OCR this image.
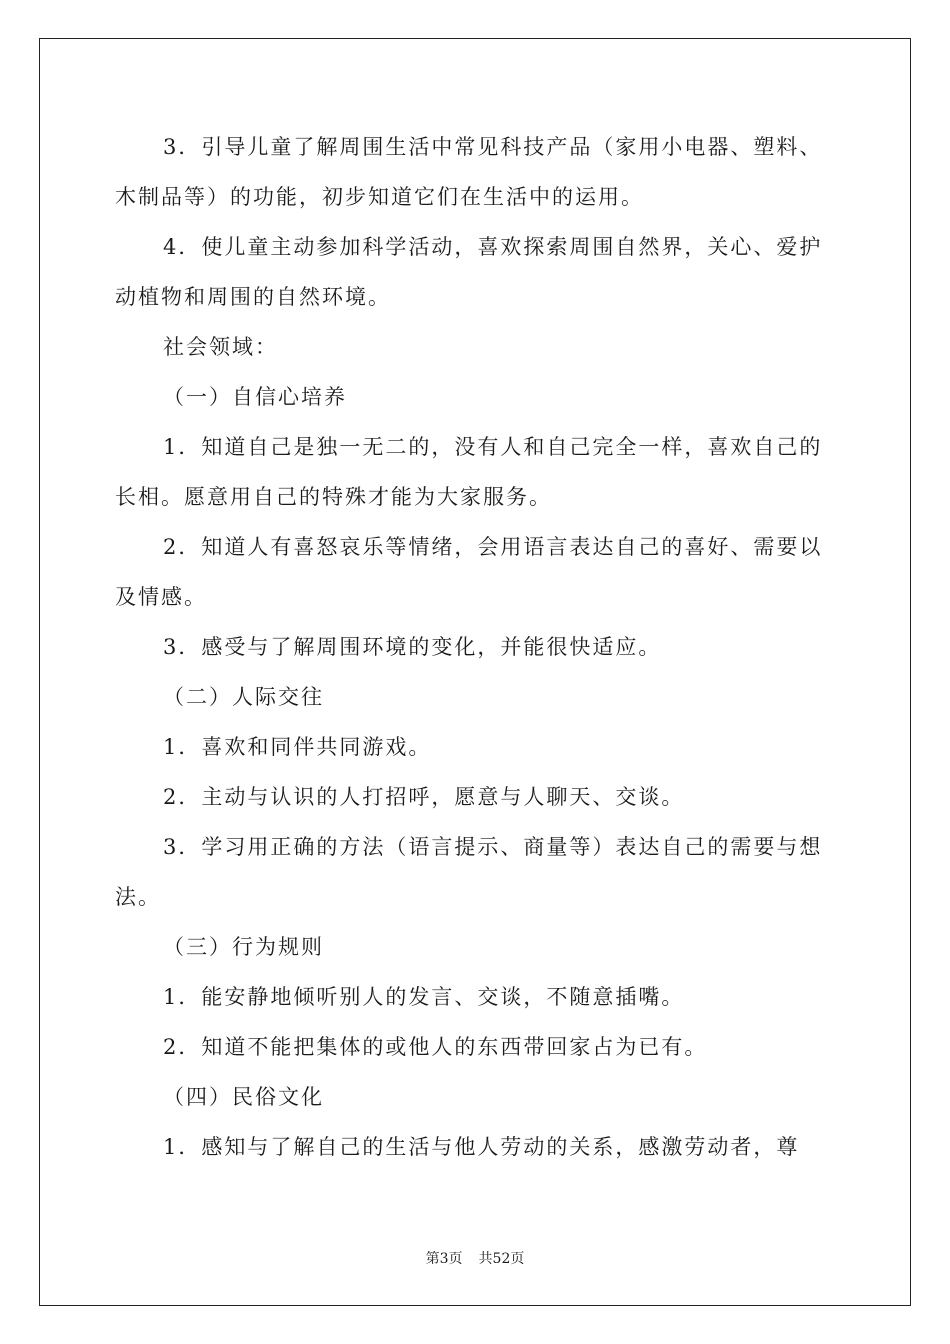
3．引导儿童了解周围生活中常见科技产品（家用小电器、塑料、木制品等）的功能，初步知道它们在生活中的运用。

4．使儿童主动参加科学活动，喜欢探索周围自然界，关心、爱护动植物和周围的自然环境。

社会领域：

（一）自信心培养

1．知道自己是独一无二的，没有人和自己完全一样，喜欢自己的长相。愿意用自己的特殊才能为大家服务。

2．知道人有喜怒哀乐等情绪，会用语言表达自己的喜好、需要以及情感。

3．感受与了解周围环境的变化，并能很快适应。

（二）人际交往

1．喜欢和同伴共同游戏。

2．主动与认识的人打招呼，愿意与人聊天、交谈。

3．学习用正确的方法（语言提示、商量等）表达自己的需要与想法。

（三）行为规则

1．能安静地倾听别人的发言、交谈，不随意插嘴。

2．知道不能把集体的或他人的东西带回家占为已有。

（四）民俗文化

1．感知与了解自己的生活与他人劳动的关系，感激劳动者，尊

第3页 共52页
